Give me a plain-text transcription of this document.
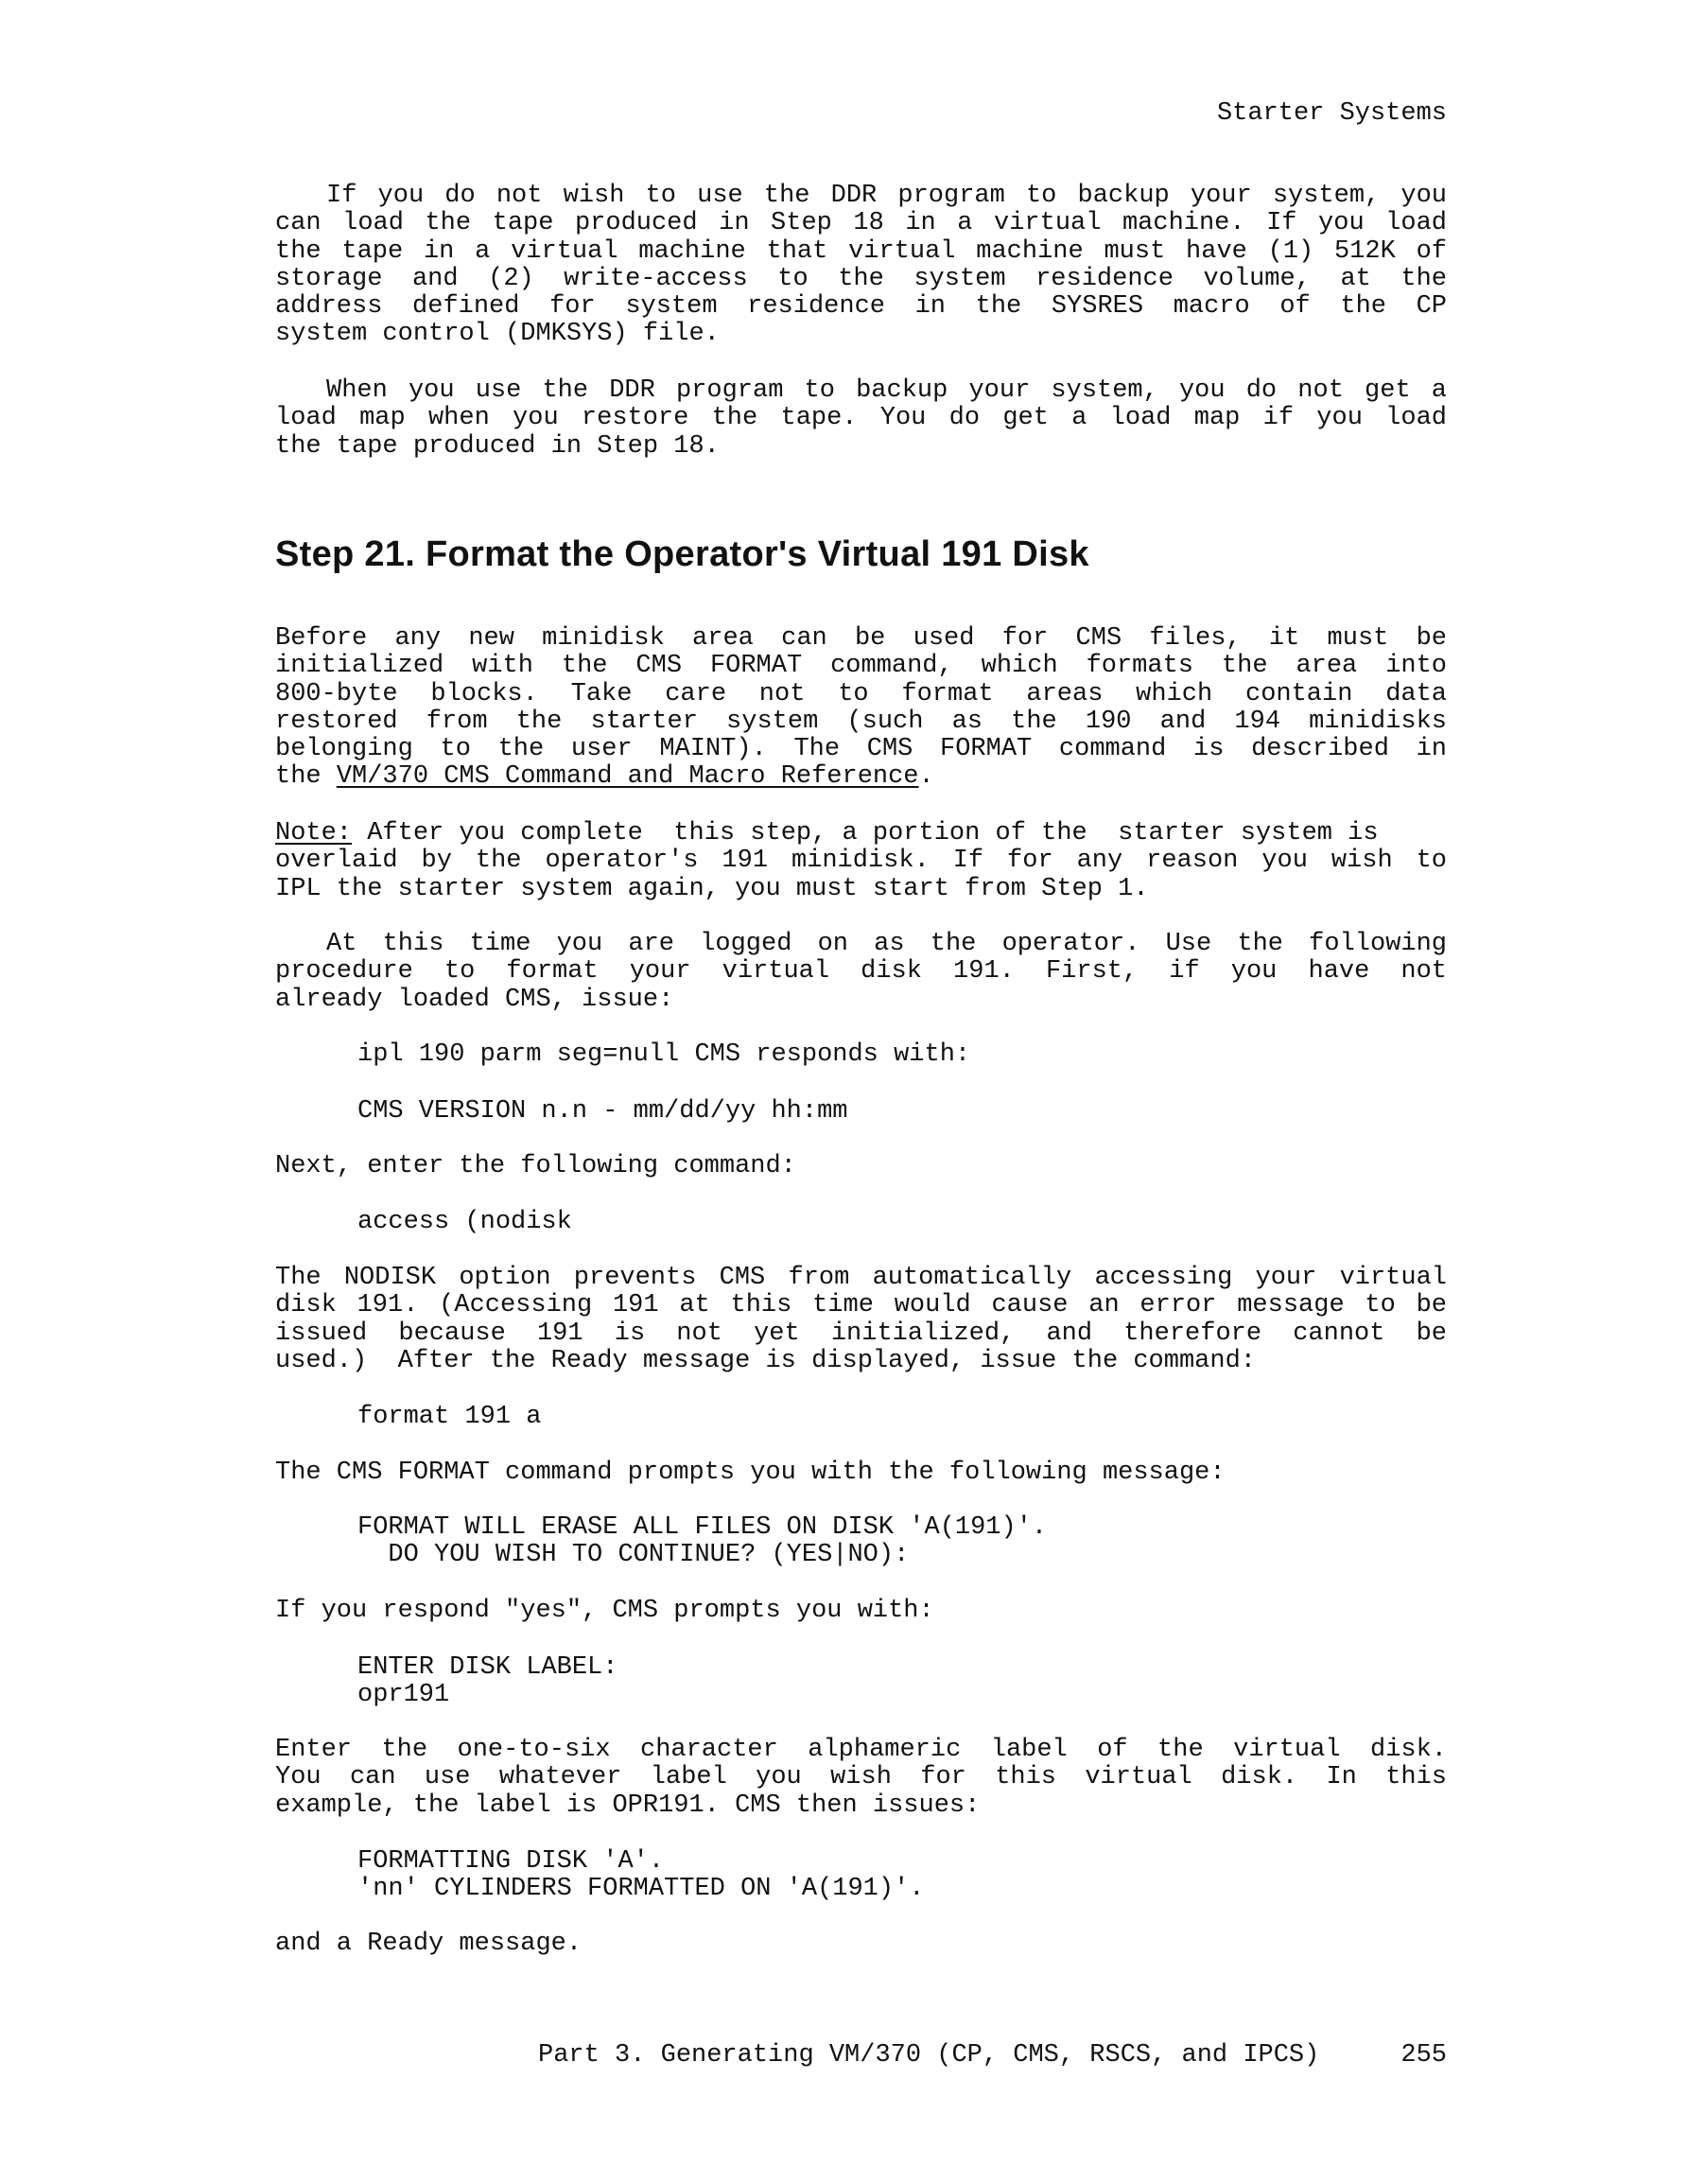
Starter Systems
If you do not wish to use the DDR program to backup your system, you
can load the tape produced in Step 18 in a virtual machine. If you load
the tape in a virtual machine that virtual machine must have (1) 512K of
storage and (2) write-access to the system residence volume, at the
address defined for system residence in the SYSRES macro of the CP
system control (DMKSYS) file.
When you use the DDR program to backup your system, you do not get a
load map when you restore the tape. You do get a load map if you load
the tape produced in Step 18.
Step 21. Format the Operator's Virtual 191 Disk
Before any new minidisk area can be used for CMS files, it must be
initialized with the CMS FORMAT command, which formats the area into
800-byte blocks. Take care not to format areas which contain data
restored from the starter system (such as the 190 and 194 minidisks
belonging to the user MAINT). The CMS FORMAT command is described in
the VM/370 CMS Command and Macro Reference.
Note: After you complete  this step, a portion of the  starter system is
overlaid by the operator's 191 minidisk. If for any reason you wish to
IPL the starter system again, you must start from Step 1.
At this time you are logged on as the operator. Use the following
procedure to format your virtual disk 191. First, if you have not
already loaded CMS, issue:
ipl 190 parm seg=null CMS responds with:
CMS VERSION n.n - mm/dd/yy hh:mm
Next, enter the following command:
access (nodisk
The NODISK option prevents CMS from automatically accessing your virtual
disk 191. (Accessing 191 at this time would cause an error message to be
issued because 191 is not yet initialized, and therefore cannot be
used.)  After the Ready message is displayed, issue the command:
format 191 a
The CMS FORMAT command prompts you with the following message:
FORMAT WILL ERASE ALL FILES ON DISK 'A(191)'.
DO YOU WISH TO CONTINUE? (YES|NO):
If you respond "yes", CMS prompts you with:
ENTER DISK LABEL:
opr191
Enter the one-to-six character alphameric label of the virtual disk.
You can use whatever label you wish for this virtual disk. In this
example, the label is OPR191. CMS then issues:
FORMATTING DISK 'A'.
'nn' CYLINDERS FORMATTED ON 'A(191)'.
and a Ready message.
Part 3. Generating VM/370 (CP, CMS, RSCS, and IPCS)	255
